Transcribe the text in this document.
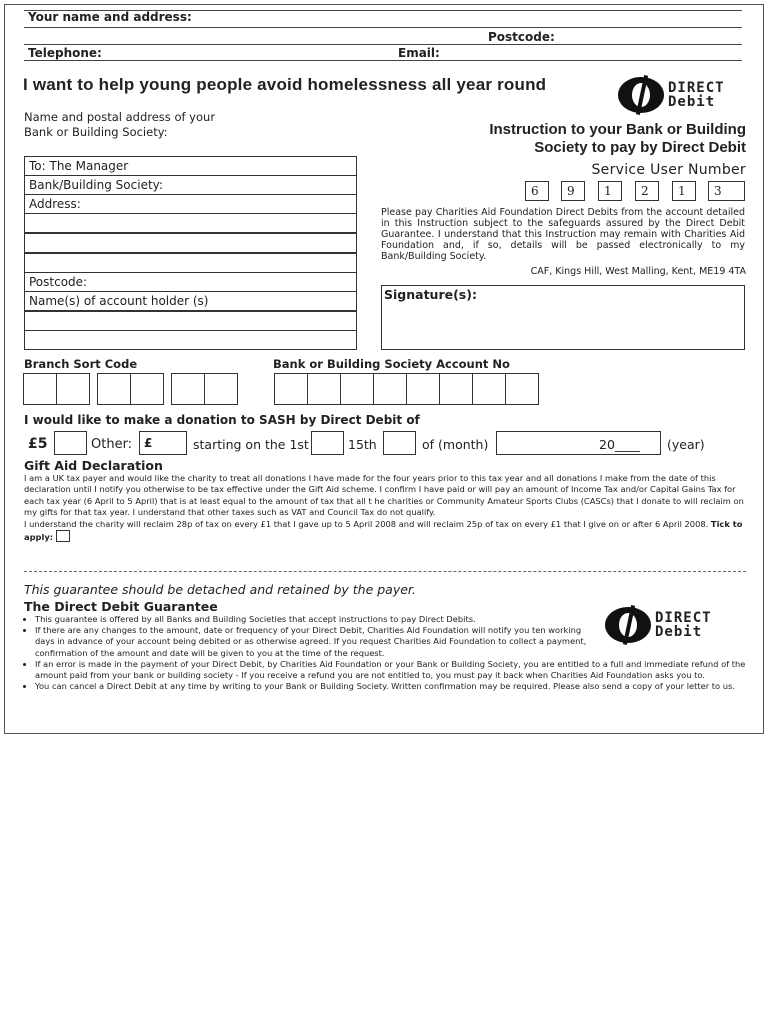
Your name and address:
Postcode:
Telephone:	Email:
I want to help young people avoid homelessness all year round	DIRECT
Debit
Name and postal address of your
Bank or Building Society:	Instruction to your Bank or Building
Society to pay by Direct Debit
To: The Manager
Bank/Building Society:
Address:
Postcode:
Name(s) of account holder (s)
Service User Number
6	9	1	2	1	3
Please pay Charities Aid Foundation Direct Debits from the account detailed in this Instruction subject to the safeguards assured by the Direct Debit Guarantee. I understand that this Instruction may remain with Charities Aid Foundation and, if so, details will be passed electronically to my Bank/Building Society.
CAF, Kings Hill, West Malling, Kent, ME19 4TA
Signature(s):
Branch Sort Code	Bank or Building Society Account No
I would like to make a donation to SASH by Direct Debit of
£5	Other: £	starting on the 1st	15th	of (month)	20____ (year)
Gift Aid Declaration

I am a UK tax payer and would like the charity to treat all donations I have made for the four years prior to this tax year and all donations I make from the date of this declaration until I notify you otherwise to be tax effective under the Gift Aid scheme. I confirm I have paid or will pay an amount of Income Tax and/or Capital Gains Tax for each tax year (6 April to 5 April) that is at least equal to the amount of tax that all t he charities or Community Amateur Sports Clubs (CASCs) that I donate to will reclaim on my gifts for that tax year. I understand that other taxes such as VAT and Council Tax do not qualify.

I understand the charity will reclaim 28p of tax on every £1 that I gave up to 5 April 2008 and will reclaim 25p of tax on every £1 that I give on or after 6 April 2008. Tick to apply:

This guarantee should be detached and retained by the payer.
The Direct Debit Guarantee
DIRECT
Debit
• This guarantee is offered by all Banks and Building Societies that accept instructions to pay Direct Debits.
• If there are any changes to the amount, date or frequency of your Direct Debit, Charities Aid Foundation will notify you ten working days in advance of your account being debited or as otherwise agreed. If you request Charities Aid Foundation to collect a payment, confirmation of the amount and date will be given to you at the time of the request.
• If an error is made in the payment of your Direct Debit, by Charities Aid Foundation or your Bank or Building Society, you are entitled to a full and immediate refund of the amount paid from your bank or building society - If you receive a refund you are not entitled to, you must pay it back when Charities Aid Foundation asks you to.
• You can cancel a Direct Debit at any time by writing to your Bank or Building Society. Written confirmation may be required. Please also send a copy of your letter to us.
